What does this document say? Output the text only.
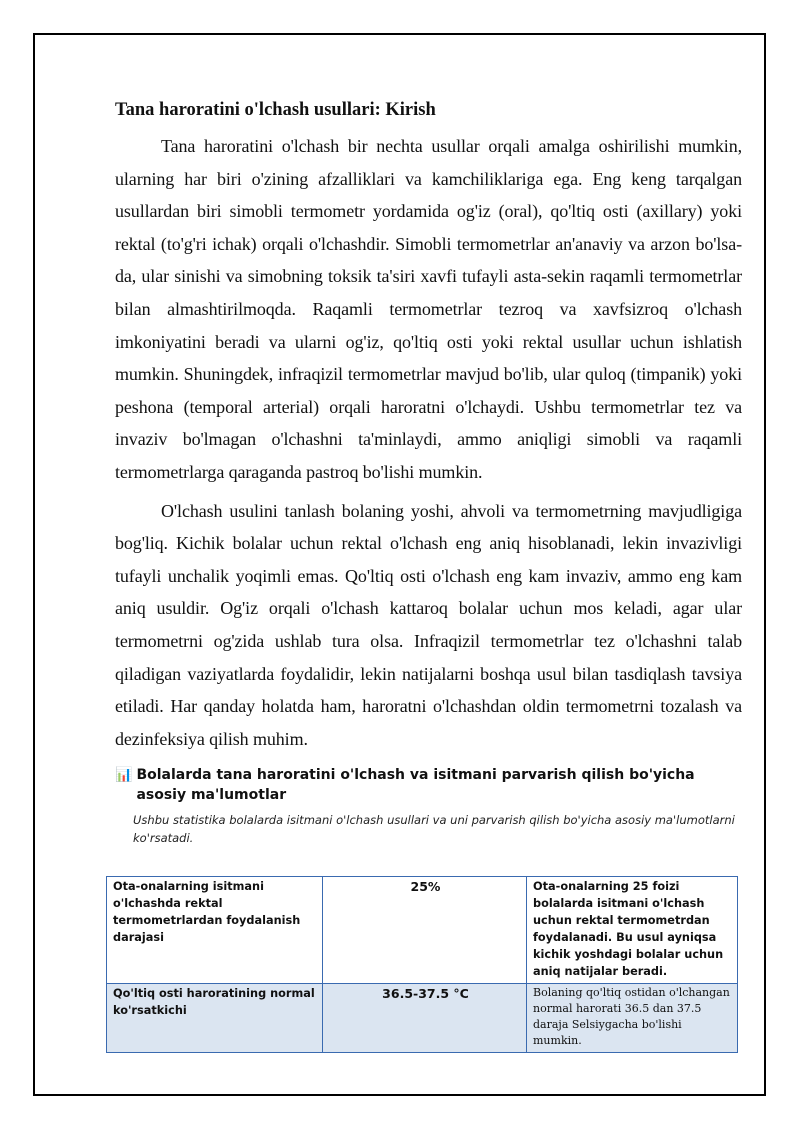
Tana haroratini o'lchash usullari: Kirish

Tana haroratini o'lchash bir nechta usullar orqali amalga oshirilishi mumkin, ularning har biri o'zining afzalliklari va kamchiliklariga ega. Eng keng tarqalgan usullardan biri simobli termometr yordamida og'iz (oral), qo'ltiq osti (axillary) yoki rektal (to'g'ri ichak) orqali o'lchashdir. Simobli termometrlar an'anaviy va arzon bo'lsa-da, ular sinishi va simobning toksik ta'siri xavfi tufayli asta-sekin raqamli termometrlar bilan almashtirilmoqda. Raqamli termometrlar tezroq va xavfsizroq o'lchash imkoniyatini beradi va ularni og'iz, qo'ltiq osti yoki rektal usullar uchun ishlatish mumkin. Shuningdek, infraqizil termometrlar mavjud bo'lib, ular quloq (timpanik) yoki peshona (temporal arterial) orqali haroratni o'lchaydi. Ushbu termometrlar tez va invaziv bo'lmagan o'lchashni ta'minlaydi, ammo aniqligi simobli va raqamli termometrlarga qaraganda pastroq bo'lishi mumkin.

O'lchash usulini tanlash bolaning yoshi, ahvoli va termometrning mavjudligiga bog'liq. Kichik bolalar uchun rektal o'lchash eng aniq hisoblanadi, lekin invazivligi tufayli unchalik yoqimli emas. Qo'ltiq osti o'lchash eng kam invaziv, ammo eng kam aniq usuldir. Og'iz orqali o'lchash kattaroq bolalar uchun mos keladi, agar ular termometrni og'zida ushlab tura olsa. Infraqizil termometrlar tez o'lchashni talab qiladigan vaziyatlarda foydalidir, lekin natijalarni boshqa usul bilan tasdiqlash tavsiya etiladi. Har qanday holatda ham, haroratni o'lchashdan oldin termometrni tozalash va dezinfeksiya qilish muhim.

📊 Bolalarda tana haroratini o'lchash va isitmani parvarish qilish bo'yicha asosiy ma'lumotlar
Ushbu statistika bolalarda isitmani o'lchash usullari va uni parvarish qilish bo'yicha asosiy ma'lumotlarni ko'rsatadi.
Ota-onalarning isitmani o'lchashda rektal termometrlardan foydalanish darajasi	25%	Ota-onalarning 25 foizi bolalarda isitmani o'lchash uchun rektal termometrdan foydalanadi. Bu usul ayniqsa kichik yoshdagi bolalar uchun aniq natijalar beradi.
Qo'ltiq osti haroratining normal ko'rsatkichi	36.5-37.5 °C	Bolaning qo'ltiq ostidan o'lchangan normal harorati 36.5 dan 37.5 daraja Selsiygacha bo'lishi mumkin.
